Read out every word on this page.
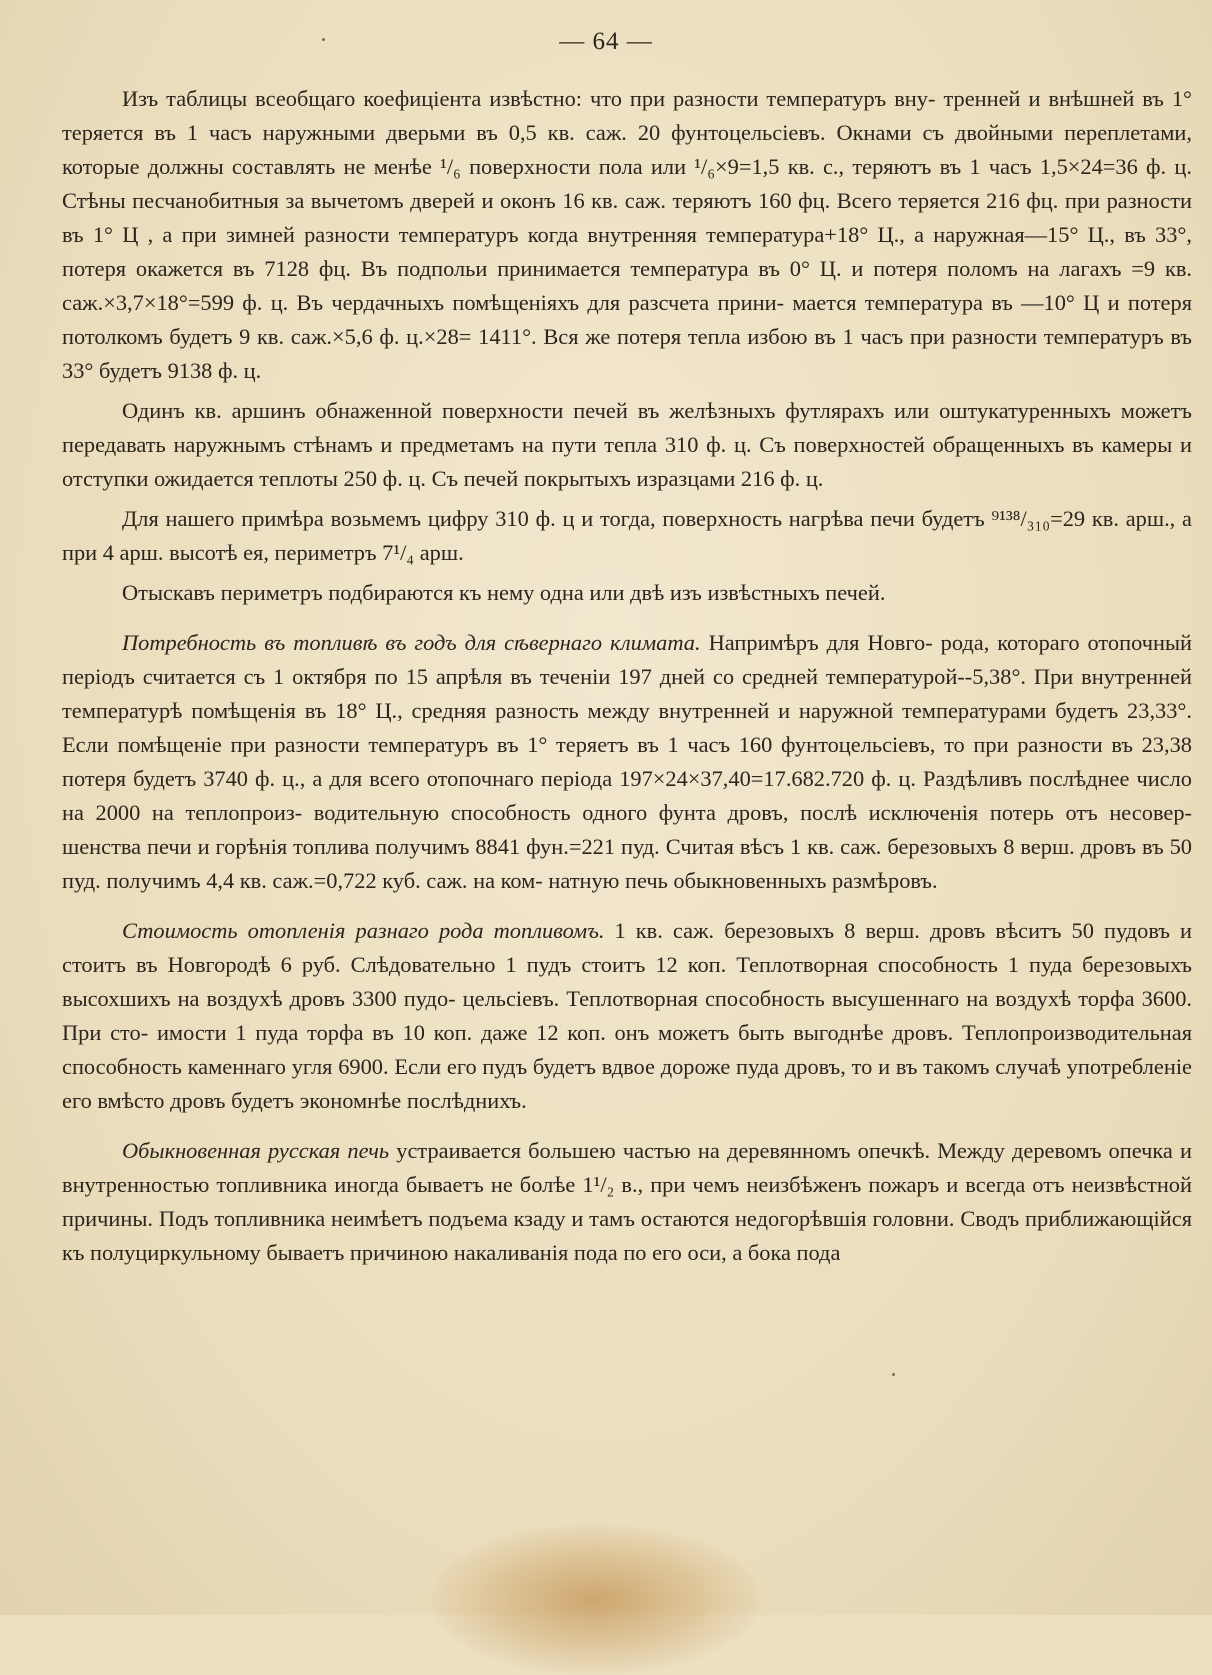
— 64 —

Изъ таблицы всеобщаго коефиціента извѣстно: что при разности температуръ вну- тренней и внѣшней въ 1° теряется въ 1 часъ наружными дверьми въ 0,5 кв. саж. 20 фунтоцельсіевъ. Окнами съ двойными переплетами, которые должны составлять не менѣе ¹/₆ поверхности пола или ¹/₆×9=1,5 кв. с., теряютъ въ 1 часъ 1,5×24=36 ф. ц. Стѣны песчанобитныя за вычетомъ дверей и оконъ 16 кв. саж. теряютъ 160 фц. Всего теряется 216 фц. при разности въ 1° Ц , а при зимней разности температуръ когда внутренняя температура+18° Ц., а наружная—15° Ц., въ 33°, потеря окажется въ 7128 фц. Въ подпольи принимается температура въ 0° Ц. и потеря поломъ на лагахъ =9 кв. саж.×3,7×18°=599 ф. ц. Въ чердачныхъ помѣщеніяхъ для разсчета прини- мается температура въ —10° Ц и потеря потолкомъ будетъ 9 кв. саж.×5,6 ф. ц.×28= 1411°. Вся же потеря тепла избою въ 1 часъ при разности температуръ въ 33° будетъ 9138 ф. ц.

Одинъ кв. аршинъ обнаженной поверхности печей въ желѣзныхъ футлярахъ или оштукатуренныхъ можетъ передавать наружнымъ стѣнамъ и предметамъ на пути тепла 310 ф. ц. Съ поверхностей обращенныхъ въ камеры и отступки ожидается теплоты 250 ф. ц. Съ печей покрытыхъ изразцами 216 ф. ц.

Для нашего примѣра возьмемъ цифру 310 ф. ц и тогда, поверхность нагрѣва печи будетъ ⁹¹³⁸/₃₁₀=29 кв. арш., а при 4 арш. высотѣ ея, периметръ 7¹/₄ арш.

Отыскавъ периметръ подбираются къ нему одна или двѣ изъ извѣстныхъ печей.

Потребность въ топливѣ въ годъ для сѣвернаго климата. Напримѣръ для Новго- рода, котораго отопочный періодъ считается съ 1 октября по 15 апрѣля въ теченіи 197 дней со средней температурой--5,38°. При внутренней температурѣ помѣщенія въ 18° Ц., средняя разность между внутренней и наружной температурами будетъ 23,33°. Если помѣщеніе при разности температуръ въ 1° теряетъ въ 1 часъ 160 фунтоцельсіевъ, то при разности въ 23,38 потеря будетъ 3740 ф. ц., а для всего отопочнаго періода 197×24×37,40=17.682.720 ф. ц. Раздѣливъ послѣднее число на 2000 на теплопроиз- водительную способность одного фунта дровъ, послѣ исключенія потерь отъ несовер- шенства печи и горѣнія топлива получимъ 8841 фун.=221 пуд. Считая вѣсъ 1 кв. саж. березовыхъ 8 верш. дровъ въ 50 пуд. получимъ 4,4 кв. саж.=0,722 куб. саж. на ком- натную печь обыкновенныхъ размѣровъ.

Стоимость отопленія разнаго рода топливомъ. 1 кв. саж. березовыхъ 8 верш. дровъ вѣситъ 50 пудовъ и стоитъ въ Новгородѣ 6 руб. Слѣдовательно 1 пудъ стоитъ 12 коп. Теплотворная способность 1 пуда березовыхъ высохшихъ на воздухѣ дровъ 3300 пудо- цельсіевъ. Теплотворная способность высушеннаго на воздухѣ торфа 3600. При сто- имости 1 пуда торфа въ 10 коп. даже 12 коп. онъ можетъ быть выгоднѣе дровъ. Теплопроизводительная способность каменнаго угля 6900. Если его пудъ будетъ вдвое дороже пуда дровъ, то и въ такомъ случаѣ употребленіе его вмѣсто дровъ будетъ экономнѣе послѣднихъ.

Обыкновенная русская печь устраивается большею частью на деревянномъ опечкѣ. Между деревомъ опечка и внутренностью топливника иногда бываетъ не болѣе 1¹/₂ в., при чемъ неизбѣженъ пожаръ и всегда отъ неизвѣстной причины. Подъ топливника неимѣетъ подъема кзаду и тамъ остаются недогорѣвшія головни. Сводъ приближающійся къ полуциркульному бываетъ причиною накаливанія пода по его оси, а бока пода
